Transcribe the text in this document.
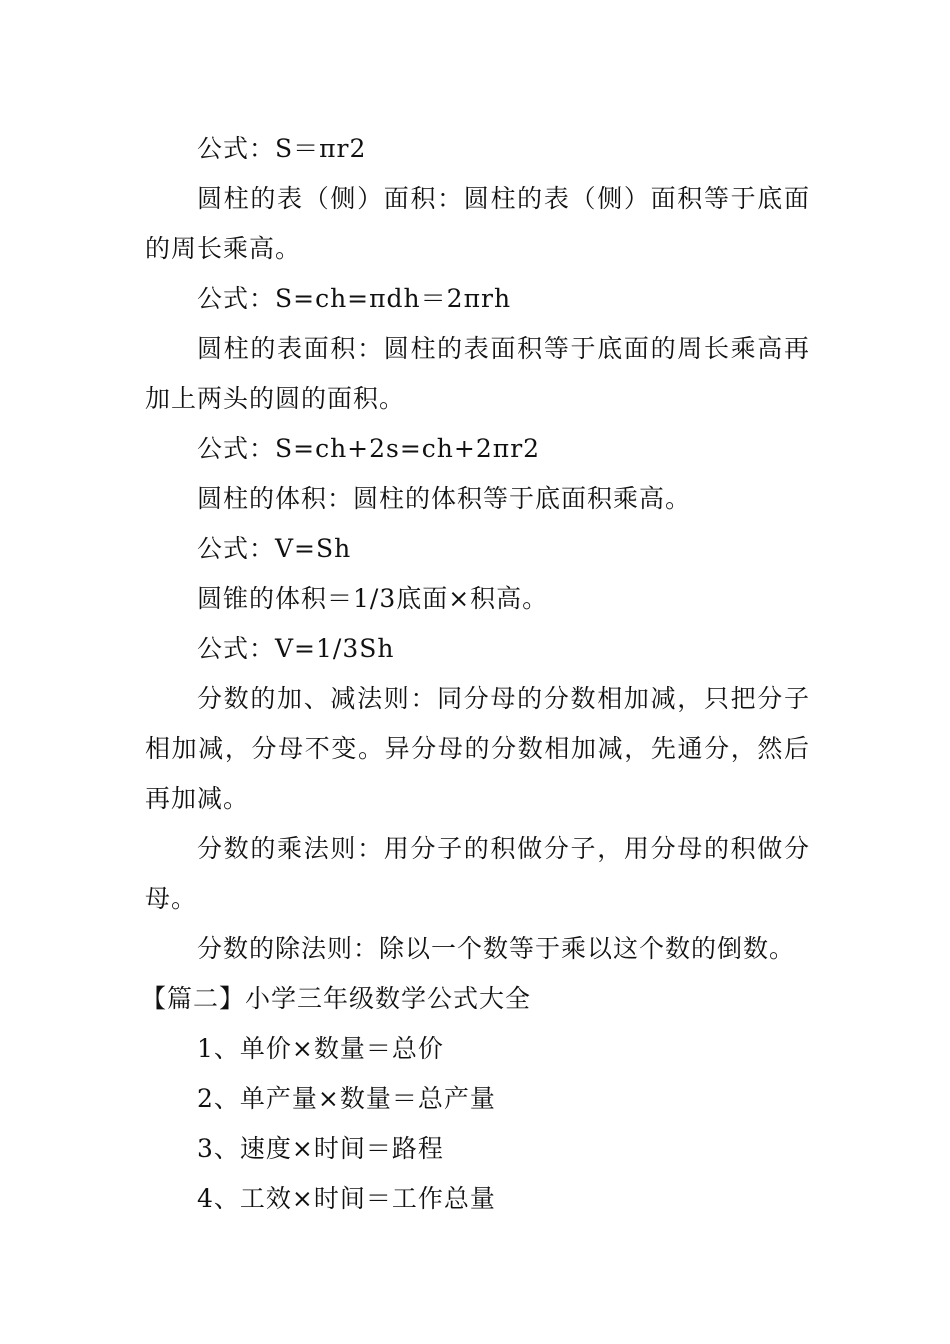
公式：S＝πr2

圆柱的表（侧）面积：圆柱的表（侧）面积等于底面的周长乘高。

公式：S=ch=πdh＝2πrh

圆柱的表面积：圆柱的表面积等于底面的周长乘高再加上两头的圆的面积。

公式：S=ch+2s=ch+2πr2

圆柱的体积：圆柱的体积等于底面积乘高。

公式：V=Sh

圆锥的体积＝1/3底面×积高。

公式：V=1/3Sh

分数的加、减法则：同分母的分数相加减，只把分子相加减，分母不变。异分母的分数相加减，先通分，然后再加减。

分数的乘法则：用分子的积做分子，用分母的积做分母。

分数的除法则：除以一个数等于乘以这个数的倒数。

【篇二】小学三年级数学公式大全

1、单价×数量＝总价
2、单产量×数量＝总产量
3、速度×时间＝路程
4、工效×时间＝工作总量
